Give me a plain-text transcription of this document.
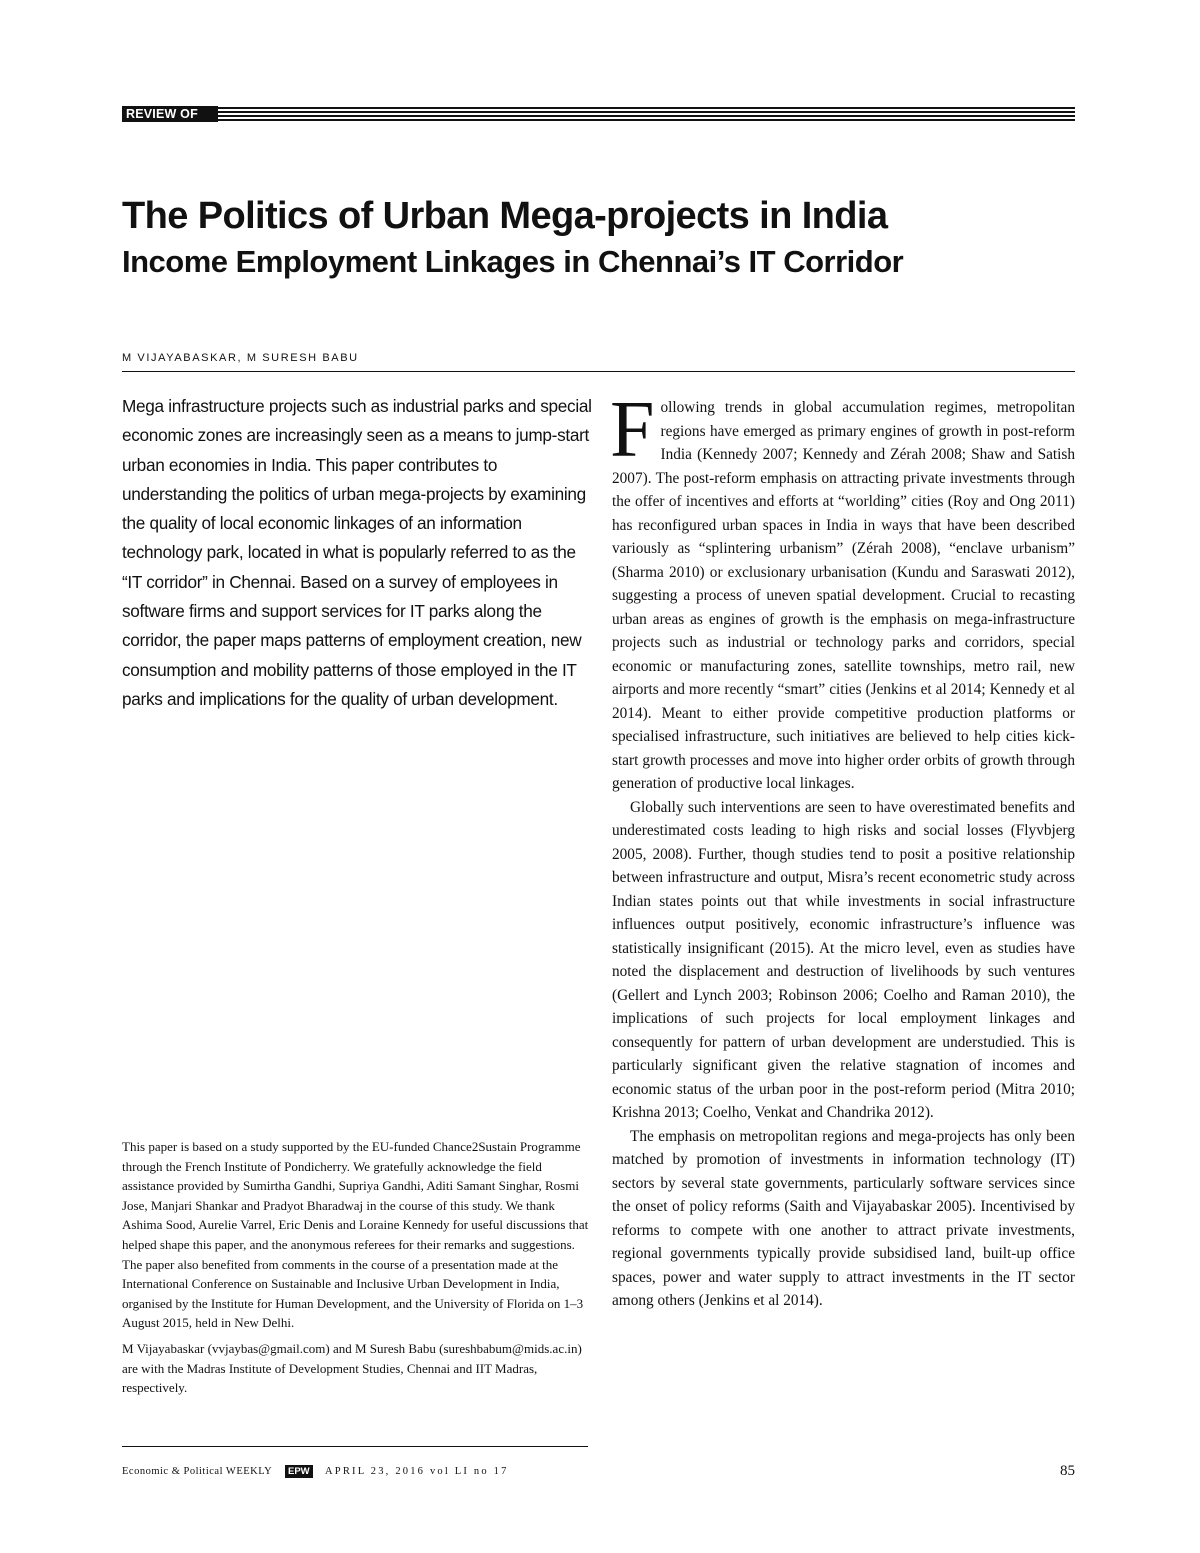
REVIEW OF URBAN AFFAIRS
The Politics of Urban Mega-projects in India
Income Employment Linkages in Chennai’s IT Corridor
M VIJAYABASKAR, M SURESH BABU

Mega infrastructure projects such as industrial parks and special economic zones are increasingly seen as a means to jump-start urban economies in India. This paper contributes to understanding the politics of urban mega-projects by examining the quality of local economic linkages of an information technology park, located in what is popularly referred to as the “IT corridor” in Chennai. Based on a survey of employees in software firms and support services for IT parks along the corridor, the paper maps patterns of employment creation, new consumption and mobility patterns of those employed in the IT parks and implications for the quality of urban development.

This paper is based on a study supported by the EU-funded Chance2Sustain Programme through the French Institute of Pondicherry. We gratefully acknowledge the field assistance provided by Sumirtha Gandhi, Supriya Gandhi, Aditi Samant Singhar, Rosmi Jose, Manjari Shankar and Pradyot Bharadwaj in the course of this study. We thank Ashima Sood, Aurelie Varrel, Eric Denis and Loraine Kennedy for useful discussions that helped shape this paper, and the anonymous referees for their remarks and suggestions. The paper also benefited from comments in the course of a presentation made at the International Conference on Sustainable and Inclusive Urban Development in India, organised by the Institute for Human Development, and the University of Florida on 1–3 August 2015, held in New Delhi.

M Vijayabaskar (vvjaybas@gmail.com) and M Suresh Babu (sureshbabum@mids.ac.in) are with the Madras Institute of Development Studies, Chennai and IIT Madras, respectively.

Following trends in global accumulation regimes, metropolitan regions have emerged as primary engines of growth in post-reform India (Kennedy 2007; Kennedy and Zérah 2008; Shaw and Satish 2007). The post-reform emphasis on attracting private investments through the offer of incentives and efforts at “worlding” cities (Roy and Ong 2011) has reconfigured urban spaces in India in ways that have been described variously as “splintering urbanism” (Zérah 2008), “enclave urbanism” (Sharma 2010) or exclusionary urbanisation (Kundu and Saraswati 2012), suggesting a process of uneven spatial development. Crucial to recasting urban areas as engines of growth is the emphasis on mega-infrastructure projects such as industrial or technology parks and corridors, special economic or manufacturing zones, satellite townships, metro rail, new airports and more recently “smart” cities (Jenkins et al 2014; Kennedy et al 2014). Meant to either provide competitive production platforms or specialised infrastructure, such initiatives are believed to help cities kick-start growth processes and move into higher order orbits of growth through generation of productive local linkages.

Globally such interventions are seen to have overestimated benefits and underestimated costs leading to high risks and social losses (Flyvbjerg 2005, 2008). Further, though studies tend to posit a positive relationship between infrastructure and output, Misra’s recent econometric study across Indian states points out that while investments in social infrastructure influences output positively, economic infrastructure’s influence was statistically insignificant (2015). At the micro level, even as studies have noted the displacement and destruction of livelihoods by such ventures (Gellert and Lynch 2003; Robinson 2006; Coelho and Raman 2010), the implications of such projects for local employment linkages and consequently for pattern of urban development are understudied. This is particularly significant given the relative stagnation of incomes and economic status of the urban poor in the post-reform period (Mitra 2010; Krishna 2013; Coelho, Venkat and Chandrika 2012).

The emphasis on metropolitan regions and mega-projects has only been matched by promotion of investments in information technology (IT) sectors by several state governments, particularly software services since the onset of policy reforms (Saith and Vijayabaskar 2005). Incentivised by reforms to compete with one another to attract private investments, regional governments typically provide subsidised land, built-up office spaces, power and water supply to attract investments in the IT sector among others (Jenkins et al 2014).

Economic & Political WEEKLY	EPW APRIL 23, 2016 vol LI no 17	85
